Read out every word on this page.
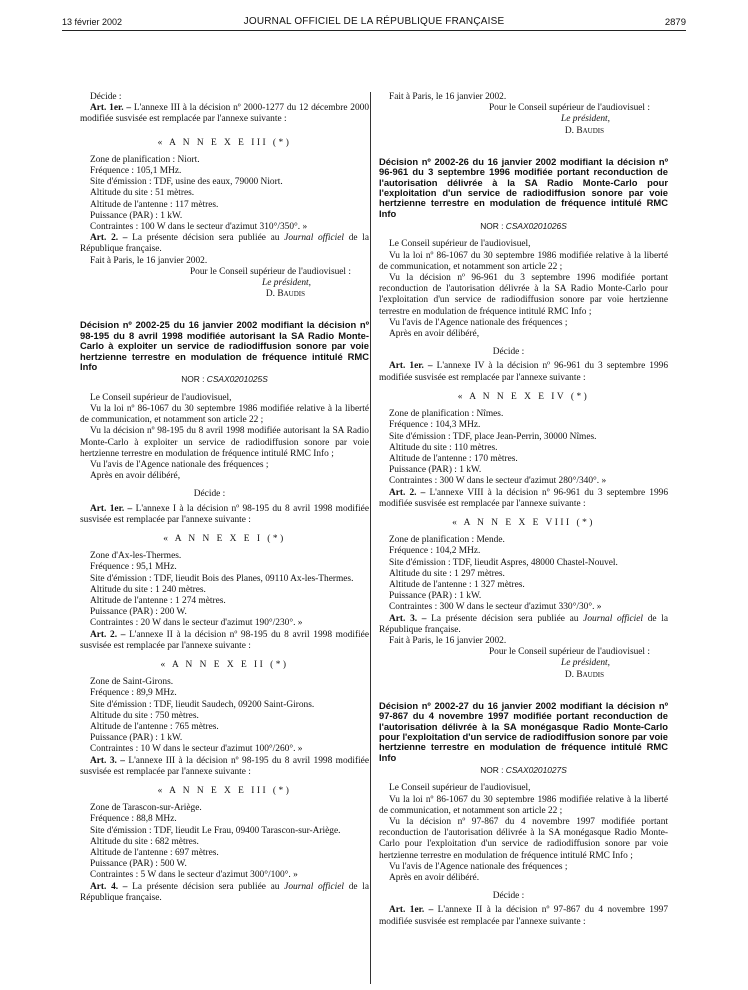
13 février 2002	JOURNAL OFFICIEL DE LA RÉPUBLIQUE FRANÇAISE	2879

Décide :

Art. 1er. – L'annexe III à la décision nº 2000-1277 du 12 décembre 2000 modifiée susvisée est remplacée par l'annexe suivante :

« A N N E X E III (*)

Zone de planification : Niort.

Fréquence : 105,1 MHz.

Site d'émission : TDF, usine des eaux, 79000 Niort.

Altitude du site : 51 mètres.

Altitude de l'antenne : 117 mètres.

Puissance (PAR) : 1 kW.

Contraintes : 100 W dans le secteur d'azimut 310°/350°. »

Art. 2. – La présente décision sera publiée au Journal officiel de la République française.

Fait à Paris, le 16 janvier 2002.

Pour le Conseil supérieur de l'audiovisuel :

Le président,

D. Baudis

Décision nº 2002-25 du 16 janvier 2002 modifiant la décision nº 98-195 du 8 avril 1998 modifiée autorisant la SA Radio Monte-Carlo à exploiter un service de radiodiffusion sonore par voie hertzienne terrestre en modulation de fréquence intitulé RMC Info

NOR : CSAX0201025S

Le Conseil supérieur de l'audiovisuel,

Vu la loi nº 86-1067 du 30 septembre 1986 modifiée relative à la liberté de communication, et notamment son article 22 ;

Vu la décision nº 98-195 du 8 avril 1998 modifiée autorisant la SA Radio Monte-Carlo à exploiter un service de radiodiffusion sonore par voie hertzienne terrestre en modulation de fréquence intitulé RMC Info ;

Vu l'avis de l'Agence nationale des fréquences ;

Après en avoir délibéré,

Décide :

Art. 1er. – L'annexe I à la décision nº 98-195 du 8 avril 1998 modifiée susvisée est remplacée par l'annexe suivante :

« A N N E X E I (*)

Zone d'Ax-les-Thermes.

Fréquence : 95,1 MHz.

Site d'émission : TDF, lieudit Bois des Planes, 09110 Ax-les-Thermes.

Altitude du site : 1 240 mètres.

Altitude de l'antenne : 1 274 mètres.

Puissance (PAR) : 200 W.

Contraintes : 20 W dans le secteur d'azimut 190°/230°. »

Art. 2. – L'annexe II à la décision nº 98-195 du 8 avril 1998 modifiée susvisée est remplacée par l'annexe suivante :

« A N N E X E II (*)

Zone de Saint-Girons.

Fréquence : 89,9 MHz.

Site d'émission : TDF, lieudit Saudech, 09200 Saint-Girons.

Altitude du site : 750 mètres.

Altitude de l'antenne : 765 mètres.

Puissance (PAR) : 1 kW.

Contraintes : 10 W dans le secteur d'azimut 100°/260°. »

Art. 3. – L'annexe III à la décision nº 98-195 du 8 avril 1998 modifiée susvisée est remplacée par l'annexe suivante :

« A N N E X E III (*)

Zone de Tarascon-sur-Ariège.

Fréquence : 88,8 MHz.

Site d'émission : TDF, lieudit Le Frau, 09400 Tarascon-sur-Ariège.

Altitude du site : 682 mètres.

Altitude de l'antenne : 697 mètres.

Puissance (PAR) : 500 W.

Contraintes : 5 W dans le secteur d'azimut 300°/100°. »

Art. 4. – La présente décision sera publiée au Journal officiel de la République française.

Fait à Paris, le 16 janvier 2002.

Pour le Conseil supérieur de l'audiovisuel :

Le président,

D. Baudis

Décision nº 2002-26 du 16 janvier 2002 modifiant la décision nº 96-961 du 3 septembre 1996 modifiée portant reconduction de l'autorisation délivrée à la SA Radio Monte-Carlo pour l'exploitation d'un service de radiodiffusion sonore par voie hertzienne terrestre en modulation de fréquence intitulé RMC Info

NOR : CSAX0201026S

Le Conseil supérieur de l'audiovisuel,

Vu la loi nº 86-1067 du 30 septembre 1986 modifiée relative à la liberté de communication, et notamment son article 22 ;

Vu la décision nº 96-961 du 3 septembre 1996 modifiée portant reconduction de l'autorisation délivrée à la SA Radio Monte-Carlo pour l'exploitation d'un service de radiodiffusion sonore par voie hertzienne terrestre en modulation de fréquence intitulé RMC Info ;

Vu l'avis de l'Agence nationale des fréquences ;

Après en avoir délibéré,

Décide :

Art. 1er. – L'annexe IV à la décision nº 96-961 du 3 septembre 1996 modifiée susvisée est remplacée par l'annexe suivante :

« A N N E X E IV (*)

Zone de planification : Nîmes.

Fréquence : 104,3 MHz.

Site d'émission : TDF, place Jean-Perrin, 30000 Nîmes.

Altitude du site : 110 mètres.

Altitude de l'antenne : 170 mètres.

Puissance (PAR) : 1 kW.

Contraintes : 300 W dans le secteur d'azimut 280°/340°. »

Art. 2. – L'annexe VIII à la décision nº 96-961 du 3 septembre 1996 modifiée susvisée est remplacée par l'annexe suivante :

« A N N E X E VIII (*)

Zone de planification : Mende.

Fréquence : 104,2 MHz.

Site d'émission : TDF, lieudit Aspres, 48000 Chastel-Nouvel.

Altitude du site : 1 297 mètres.

Altitude de l'antenne : 1 327 mètres.

Puissance (PAR) : 1 kW.

Contraintes : 300 W dans le secteur d'azimut 330°/30°. »

Art. 3. – La présente décision sera publiée au Journal officiel de la République française.

Fait à Paris, le 16 janvier 2002.

Pour le Conseil supérieur de l'audiovisuel :

Le président,

D. Baudis

Décision nº 2002-27 du 16 janvier 2002 modifiant la décision nº 97-867 du 4 novembre 1997 modifiée portant reconduction de l'autorisation délivrée à la SA monégasque Radio Monte-Carlo pour l'exploitation d'un service de radiodiffusion sonore par voie hertzienne terrestre en modulation de fréquence intitulé RMC Info

NOR : CSAX0201027S

Le Conseil supérieur de l'audiovisuel,

Vu la loi nº 86-1067 du 30 septembre 1986 modifiée relative à la liberté de communication, et notamment son article 22 ;

Vu la décision nº 97-867 du 4 novembre 1997 modifiée portant reconduction de l'autorisation délivrée à la SA monégasque Radio Monte-Carlo pour l'exploitation d'un service de radiodiffusion sonore par voie hertzienne terrestre en modulation de fréquence intitulé RMC Info ;

Vu l'avis de l'Agence nationale des fréquences ;

Après en avoir délibéré.

Décide :

Art. 1er. – L'annexe II à la décision nº 97-867 du 4 novembre 1997 modifiée susvisée est remplacée par l'annexe suivante :
